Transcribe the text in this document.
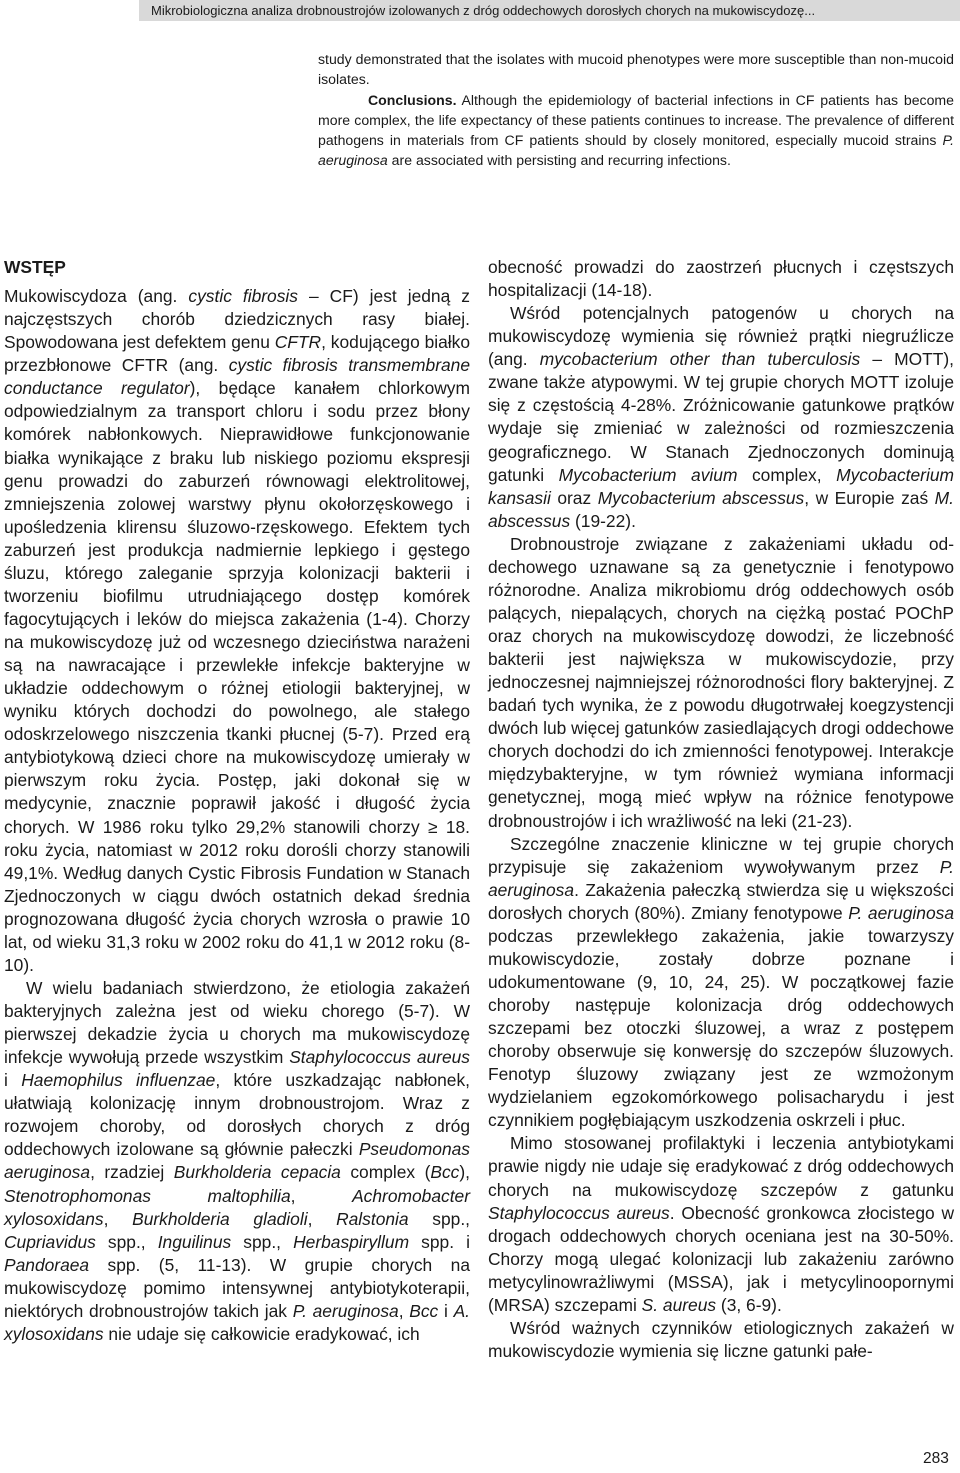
Mikrobiologiczna analiza drobnoustrojów izolowanych z dróg oddechowych dorosłych chorych na mukowiscydozę...

study demonstrated that the isolates with mucoid phenotypes were more susceptible than non-mucoid isolates.

Conclusions. Although the epidemiology of bacterial infections in CF patients has become more complex, the life expectancy of these patients continues to increase. The prevalence of different pathogens in materials from CF patients should by closely monitored, especially mucoid strains P. aeruginosa are associated with persisting and recurring infections.

WSTĘP

Mukowiscydoza (ang. cystic fibrosis – CF) jest jedną z najczęstszych chorób dziedzicznych rasy białej. Spowodowana jest defektem genu CFTR, kodującego białko przezbłonowe CFTR (ang. cystic fibrosis transmembrane conductance regulator), będące kanałem chlorkowym odpowiedzialnym za transport chloru i sodu przez błony komórek nabłonkowych. Nieprawidłowe funkcjonowanie białka wynikające z braku lub niskiego poziomu ekspresji genu prowadzi do zaburzeń równowagi elektrolitowej, zmniejszenia zolowej warstwy płynu okołorzęskowego i upośledzenia klirensu śluzowo-rzęskowego. Efektem tych zaburzeń jest produkcja nadmiernie lepkiego i gęstego śluzu, którego zaleganie sprzyja kolonizacji bakterii i tworzeniu biofilmu utrudniającego dostęp komórek fagocytujących i leków do miejsca zakażenia (1-4). Chorzy na mukowiscydozę już od wczesnego dzieciństwa narażeni są na nawracające i przewlekłe infekcje bakteryjne w układzie oddechowym o różnej etiologii bakteryjnej, w wyniku których dochodzi do powolnego, ale stałego odoskrzelowego niszczenia tkanki płucnej (5-7). Przed erą antybiotykową dzieci chore na mukowiscydozę umierały w pierwszym roku życia. Postęp, jaki dokonał się w medycynie, znacznie poprawił jakość i długość życia chorych. W 1986 roku tylko 29,2% stanowili chorzy ≥ 18. roku życia, natomiast w 2012 roku dorośli chorzy stanowili 49,1%. Według danych Cystic Fibrosis Fundation w Stanach Zjednoczonych w ciągu dwóch ostatnich dekad średnia prognozowana długość życia chorych wzrosła o prawie 10 lat, od wieku 31,3 roku w 2002 roku do 41,1 w 2012 roku (8-10).

W wielu badaniach stwierdzono, że etiologia zakażeń bakteryjnych zależna jest od wieku chorego (5-7). W pierwszej dekadzie życia u chorych ma mukowiscydozę infekcje wywołują przede wszystkim Staphylococcus aureus i Haemophilus influenzae, które uszkadzając nabłonek, ułatwiają kolonizację innym drobnoustrojom. Wraz z rozwojem choroby, od dorosłych chorych z dróg oddechowych izolowane są głównie pałeczki Pseudomonas aeruginosa, rzadziej Burkholderia cepacia complex (Bcc), Stenotrophomonas maltophilia, Achromobacter xylosoxidans, Burkholderia gladioli, Ralstonia spp., Cupriavidus spp., Inguilinus spp., Herbaspiryllum spp. i Pandoraea spp. (5, 11-13). W grupie chorych na mukowiscydozę pomimo intensywnej antybiotykoterapii, niektórych drobnoustrojów takich jak P. aeruginosa, Bcc i A. xylosoxidans nie udaje się całkowicie eradykować, ich

obecność prowadzi do zaostrzeń płucnych i częstszych hospitalizacji (14-18).

Wśród potencjalnych patogenów u chorych na mukowiscydozę wymienia się również prątki niegruźlicze (ang. mycobacterium other than tuberculosis – MOTT), zwane także atypowymi. W tej grupie chorych MOTT izoluje się z częstością 4-28%. Zróżnicowanie gatunkowe prątków wydaje się zmieniać w zależności od rozmieszczenia geograficznego. W Stanach Zjednoczonych dominują gatunki Mycobacterium avium complex, Mycobacterium kansasii oraz Mycobacterium abscessus, w Europie zaś M. abscessus (19-22).

Drobnoustroje związane z zakażeniami układu oddechowego uznawane są za genetycznie i fenotypowo różnorodne. Analiza mikrobiomu dróg oddechowych osób palących, niepalących, chorych na ciężką postać POChP oraz chorych na mukowiscydozę dowodzi, że liczebność bakterii jest największa w mukowiscydozie, przy jednoczesnej najmniejszej różnorodności flory bakteryjnej. Z badań tych wynika, że z powodu długotrwałej koegzystencji dwóch lub więcej gatunków zasiedlających drogi oddechowe chorych dochodzi do ich zmienności fenotypowej. Interakcje międzybakteryjne, w tym również wymiana informacji genetycznej, mogą mieć wpływ na różnice fenotypowe drobnoustrojów i ich wrażliwość na leki (21-23).

Szczególne znaczenie kliniczne w tej grupie chorych przypisuje się zakażeniom wywoływanym przez P. aeruginosa. Zakażenia pałeczką stwierdza się u większości dorosłych chorych (80%). Zmiany fenotypowe P. aeruginosa podczas przewlekłego zakażenia, jakie towarzyszy mukowiscydozie, zostały dobrze poznane i udokumentowane (9, 10, 24, 25). W początkowej fazie choroby następuje kolonizacja dróg oddechowych szczepami bez otoczki śluzowej, a wraz z postępem choroby obserwuje się konwersję do szczepów śluzowych. Fenotyp śluzowy związany jest ze wzmożonym wydzielaniem egzokomórkowego polisacharydu i jest czynnikiem pogłębiającym uszkodzenia oskrzeli i płuc.

Mimo stosowanej profilaktyki i leczenia antybiotykami prawie nigdy nie udaje się eradykować z dróg oddechowych chorych na mukowiscydozę szczepów z gatunku Staphylococcus aureus. Obecność gronkowca złocistego w drogach oddechowych chorych oceniana jest na 30-50%. Chorzy mogą ulegać kolonizacji lub zakażeniu zarówno metycylinowrażliwymi (MSSA), jak i metycylinoopornymi (MRSA) szczepami S. aureus (3, 6-9).

Wśród ważnych czynników etiologicznych zakażeń w mukowiscydozie wymienia się liczne gatunki pałe-

283
